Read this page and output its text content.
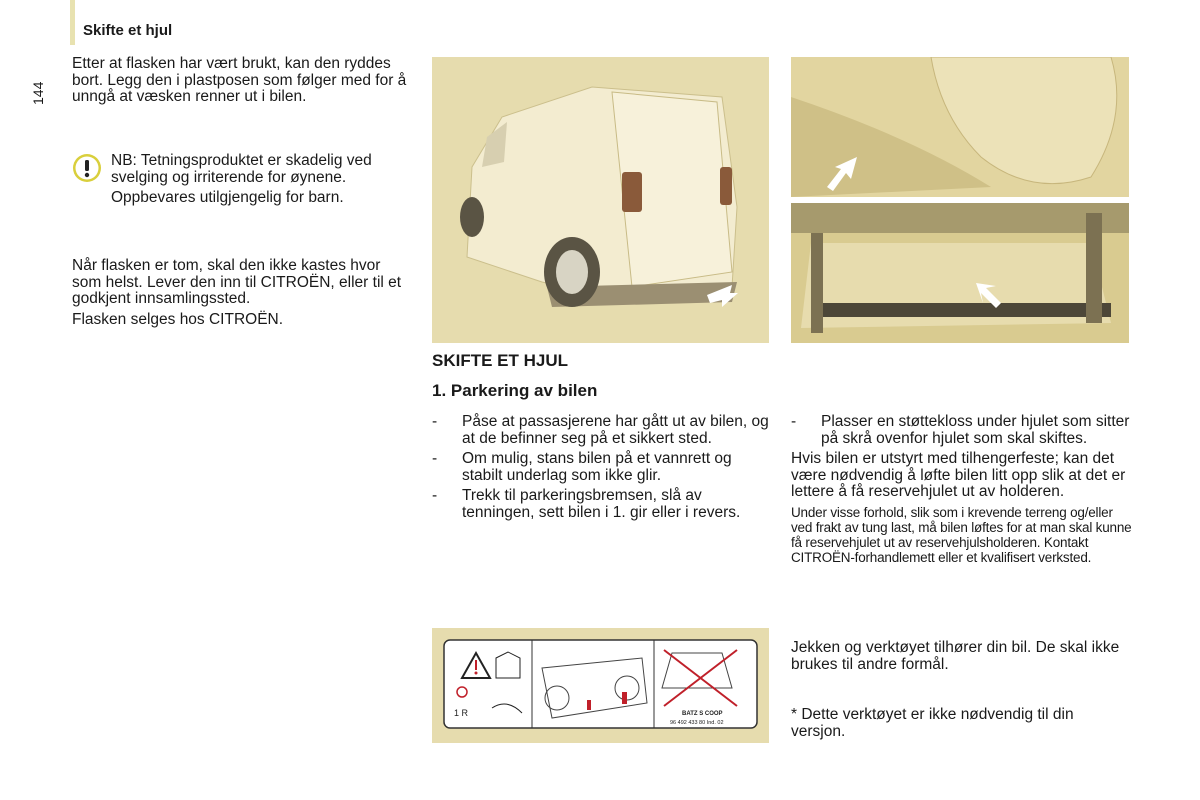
Skifte et hjul
144

Etter at flasken har vært brukt, kan den ryddes bort. Legg den i plastposen som følger med for å unngå at væsken renner ut i bilen.

NB: Tetningsproduktet er skadelig ved svelging og irriterende for øynene.

Oppbevares utilgjengelig for barn.

Når flasken er tom, skal den ikke kastes hvor som helst. Lever den inn til CITROËN, eller til et godkjent innsamlingssted.

Flasken selges hos CITROËN.

SKIFTE ET HJUL
1. Parkering av bilen
- Påse at passasjerene har gått ut av bilen, og at de befinner seg på et sikkert sted.
- Om mulig, stans bilen på et vannrett og stabilt underlag som ikke glir.
- Trekk til parkeringsbremsen, slå av tenningen, sett bilen i 1. gir eller i revers.
- Plasser en støttekloss under hjulet som sitter på skrå ovenfor hjulet som skal skiftes.

Hvis bilen er utstyrt med tilhengerfeste; kan det være nødvendig å løfte bilen litt opp slik at det er lettere å få reservehjulet ut av holderen.

Under visse forhold, slik som i krevende terreng og/eller ved frakt av tung last, må bilen løftes for at man skal kunne få reservehjulet ut av reservehjulsholderen. Kontakt CITROËN-forhandlemett eller et kvalifisert verksted.

1 R	BATZ S COOP
96 492 433 80 Ind. 02

Jekken og verktøyet tilhører din bil. De skal ikke brukes til andre formål.

* Dette verktøyet er ikke nødvendig til din versjon.
